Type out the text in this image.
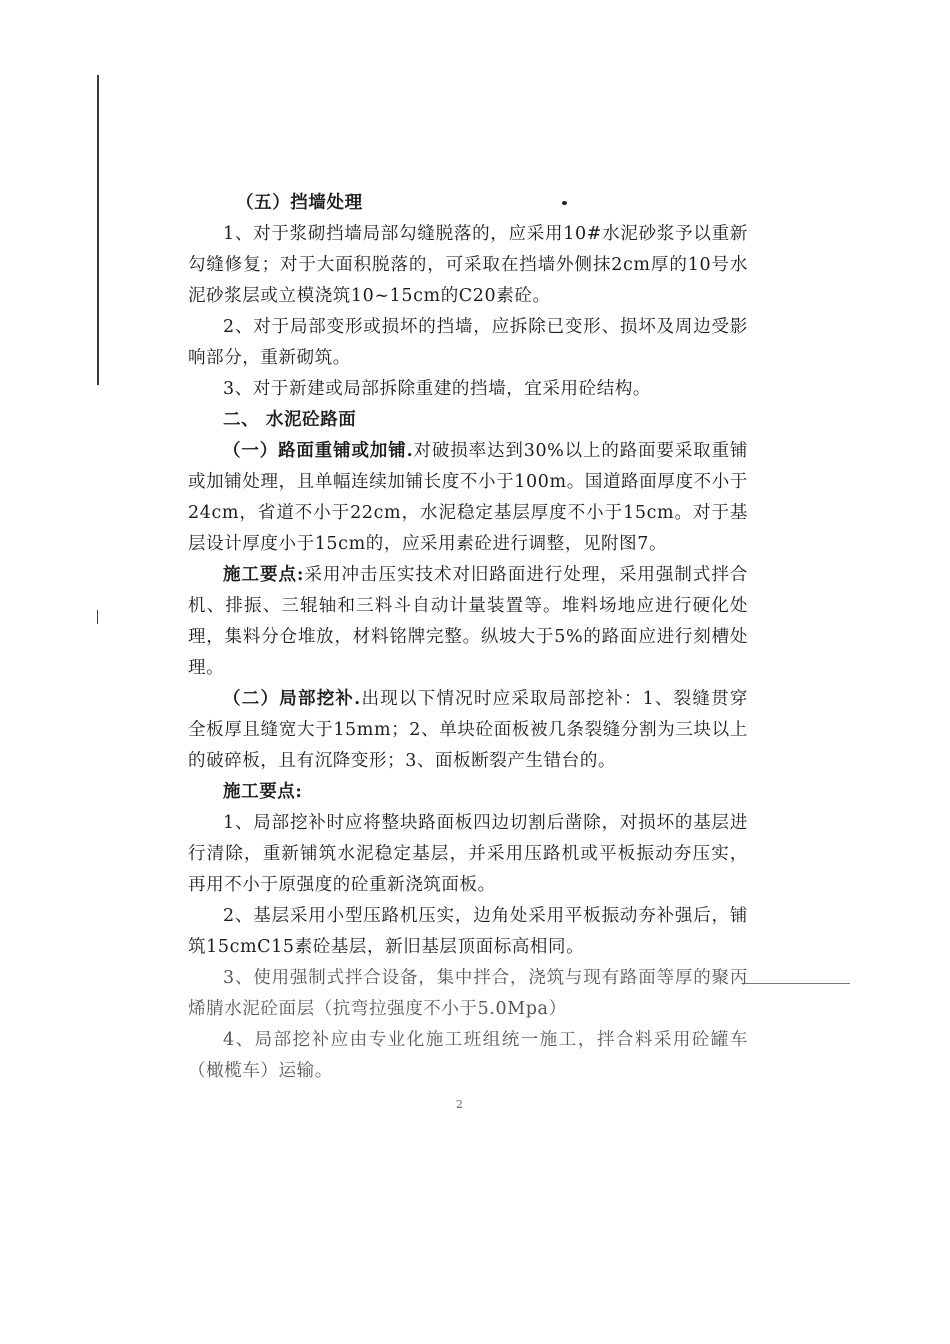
（五）挡墙处理

1、对于浆砌挡墙局部勾缝脱落的，应采用10#水泥砂浆予以重新勾缝修复；对于大面积脱落的，可采取在挡墙外侧抹2cm厚的10号水泥砂浆层或立模浇筑10~15cm的C20素砼。

2、对于局部变形或损坏的挡墙，应拆除已变形、损坏及周边受影响部分，重新砌筑。

3、对于新建或局部拆除重建的挡墙，宜采用砼结构。

二、 水泥砼路面

（一）路面重铺或加铺.对破损率达到30%以上的路面要采取重铺或加铺处理，且单幅连续加铺长度不小于100m。国道路面厚度不小于24cm，省道不小于22cm，水泥稳定基层厚度不小于15cm。对于基层设计厚度小于15cm的，应采用素砼进行调整，见附图7。

施工要点:采用冲击压实技术对旧路面进行处理，采用强制式拌合机、排振、三辊轴和三料斗自动计量装置等。堆料场地应进行硬化处理，集料分仓堆放，材料铭牌完整。纵坡大于5%的路面应进行刻槽处理。

（二）局部挖补.出现以下情况时应采取局部挖补：1、裂缝贯穿全板厚且缝宽大于15mm；2、单块砼面板被几条裂缝分割为三块以上的破碎板，且有沉降变形；3、面板断裂产生错台的。

施工要点:

1、局部挖补时应将整块路面板四边切割后凿除，对损坏的基层进行清除，重新铺筑水泥稳定基层，并采用压路机或平板振动夯压实，再用不小于原强度的砼重新浇筑面板。

2、基层采用小型压路机压实，边角处采用平板振动夯补强后，铺筑15cmC15素砼基层，新旧基层顶面标高相同。

3、使用强制式拌合设备，集中拌合，浇筑与现有路面等厚的聚丙烯腈水泥砼面层（抗弯拉强度不小于5.0Mpa）

4、局部挖补应由专业化施工班组统一施工，拌合料采用砼罐车（橄榄车）运输。

2
